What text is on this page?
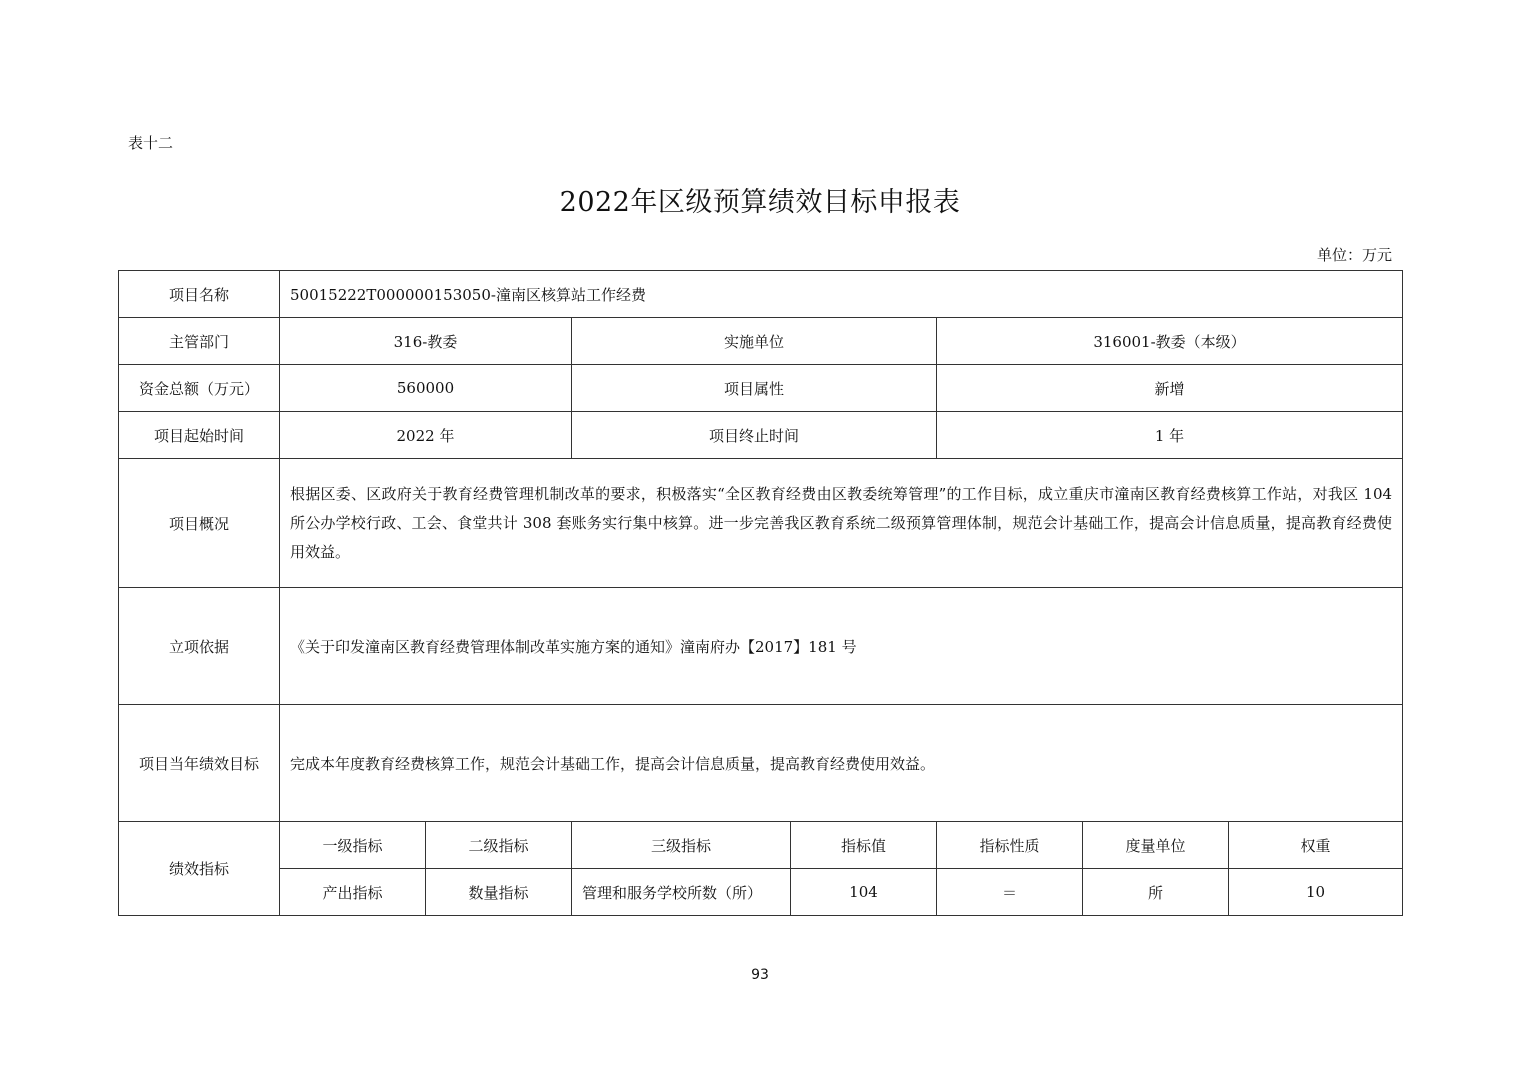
表十二
2022年区级预算绩效目标申报表
单位：万元
项目名称	50015222T000000153050-潼南区核算站工作经费						
主管部门	316-教委		实施单位		316001-教委（本级）		
资金总额（万元）	560000		项目属性		新增		
项目起始时间	2022 年		项目终止时间		1 年		
项目概况	根据区委、区政府关于教育经费管理机制改革的要求，积极落实“全区教育经费由区教委统筹管理”的工作目标，成立重庆市潼南区教育经费核算工作站，对我区 104 所公办学校行政、工会、食堂共计 308 套账务实行集中核算。进一步完善我区教育系统二级预算管理体制，规范会计基础工作，提高会计信息质量，提高教育经费使用效益。						
立项依据	《关于印发潼南区教育经费管理体制改革实施方案的通知》潼南府办【2017】181 号						
项目当年绩效目标	完成本年度教育经费核算工作，规范会计基础工作，提高会计信息质量，提高教育经费使用效益。						
绩效指标	一级指标	二级指标	三级指标	指标值	指标性质	度量单位	权重
	产出指标	数量指标	管理和服务学校所数（所）	104	＝	所	10
93
